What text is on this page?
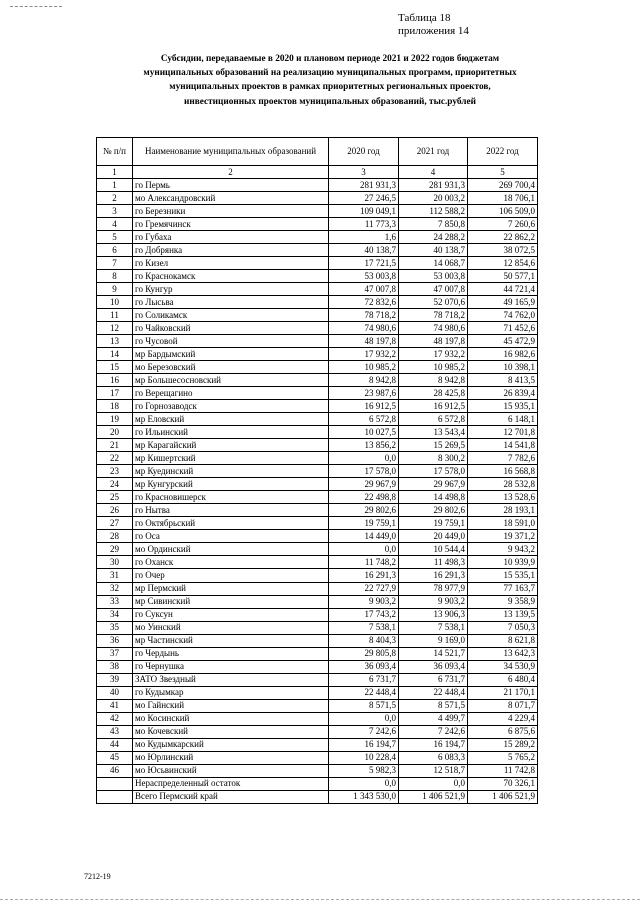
Таблица 18
приложения 14
Субсидии, передаваемые в 2020 и плановом периоде 2021 и 2022 годов бюджетам
муниципальных образований на реализацию муниципальных программ, приоритетных
муниципальных проектов в рамках приоритетных региональных проектов,
инвестиционных проектов муниципальных образований, тыс.рублей
№ п/п	Наименование муниципальных образований	2020 год	2021 год	2022 год
1	2	3	4	5
1	го Пермь	281 931,3	281 931,3	269 700,4
2	мо Александровский	27 246,5	20 003,2	18 706,1
3	го Березники	109 049,1	112 588,2	106 509,0
4	го Гремячинск	11 773,3	7 850,8	7 260,6
5	го Губаха	1,6	24 288,2	22 862,2
6	го Добрянка	40 138,7	40 138,7	38 072,5
7	го Кизел	17 721,5	14 068,7	12 854,6
8	го Краснокамск	53 003,8	53 003,8	50 577,1
9	го Кунгур	47 007,8	47 007,8	44 721,4
10	го Лысьва	72 832,6	52 070,6	49 165,9
11	го Соликамск	78 718,2	78 718,2	74 762,0
12	го Чайковский	74 980,6	74 980,6	71 452,6
13	го Чусовой	48 197,8	48 197,8	45 472,9
14	мр Бардымский	17 932,2	17 932,2	16 982,6
15	мо Березовский	10 985,2	10 985,2	10 398,1
16	мр Большесосновский	8 942,8	8 942,8	8 413,5
17	го Верещагино	23 987,6	28 425,8	26 839,4
18	го Горнозаводск	16 912,5	16 912,5	15 935,1
19	мр Еловский	6 572,8	6 572,8	6 148,1
20	го Ильинский	10 027,5	13 543,4	12 701,8
21	мр Карагайский	13 856,2	15 269,5	14 541,8
22	мр Кишертский	0,0	8 300,2	7 782,6
23	мр Куединский	17 578,0	17 578,0	16 568,8
24	мр Кунгурский	29 967,9	29 967,9	28 532,8
25	го Красновишерск	22 498,8	14 498,8	13 528,6
26	го Нытва	29 802,6	29 802,6	28 193,1
27	го Октябрьский	19 759,1	19 759,1	18 591,0
28	го Оса	14 449,0	20 449,0	19 371,2
29	мо Ординский	0,0	10 544,4	9 943,2
30	го Оханск	11 748,2	11 498,3	10 939,9
31	го Очер	16 291,3	16 291,3	15 535,1
32	мр Пермский	22 727,9	78 977,9	77 163,7
33	мр Сивинский	9 903,2	9 903,2	9 358,9
34	го Суксун	17 743,2	13 906,3	13 139,5
35	мо Уинский	7 538,1	7 538,1	7 050,3
36	мр Частинский	8 404,3	9 169,0	8 621,8
37	го Чердынь	29 805,8	14 521,7	13 642,3
38	го Чернушка	36 093,4	36 093,4	34 530,9
39	ЗАТО Звездный	6 731,7	6 731,7	6 480,4
40	го Кудымкар	22 448,4	22 448,4	21 170,1
41	мо Гайнский	8 571,5	8 571,5	8 071,7
42	мо Косинский	0,0	4 499,7	4 229,4
43	мо Кочевский	7 242,6	7 242,6	6 875,6
44	мо Кудымкарский	16 194,7	16 194,7	15 289,2
45	мо Юрлинский	10 228,4	6 083,3	5 765,2
46	мо Юсьвинский	5 982,3	12 518,7	11 742,8
	Нераспределенный остаток	0,0	0,0	70 326,1
	Всего Пермский край	1 343 530,0	1 406 521,9	1 406 521,9
7212-19
